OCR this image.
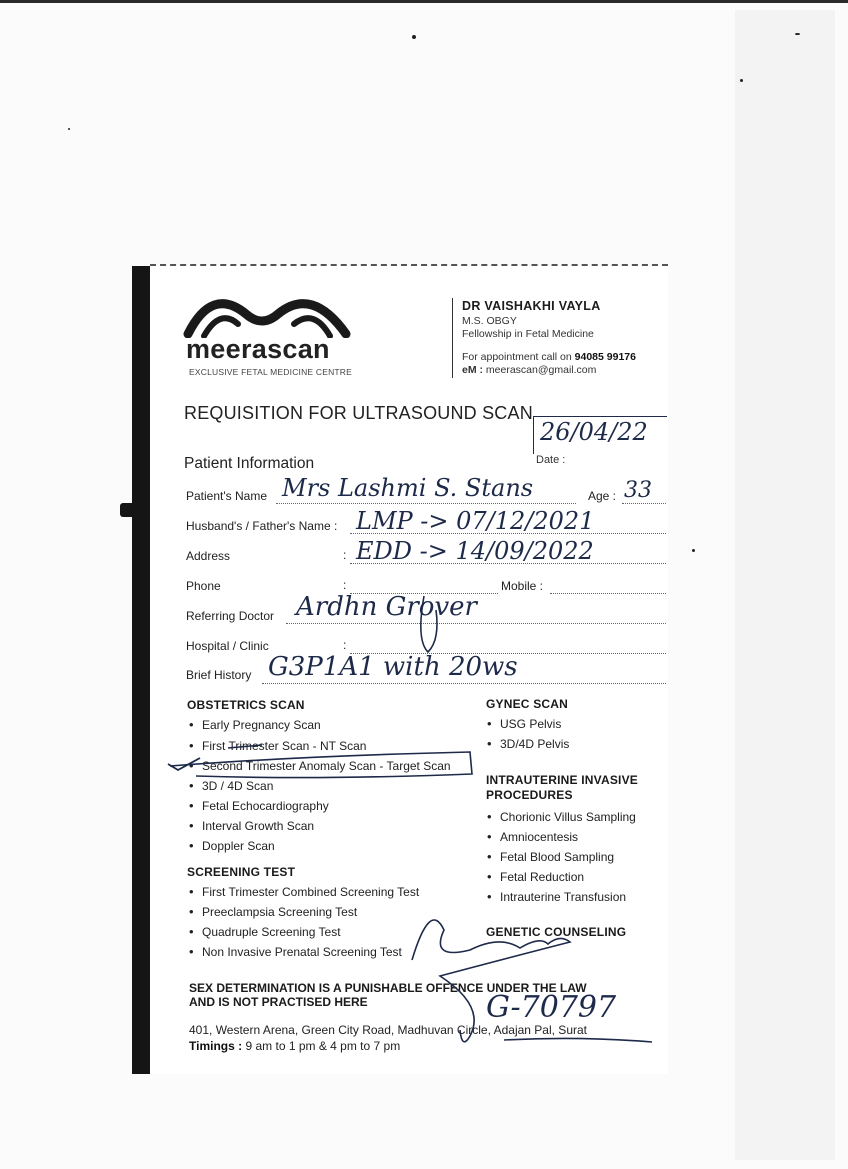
meerascan
EXCLUSIVE FETAL MEDICINE CENTRE
DR VAISHAKHI VAYLA
M.S. OBGY
Fellowship in Fetal Medicine
For appointment call on 94085 99176
eM : meerascan@gmail.com
REQUISITION FOR ULTRASOUND SCAN
26/04/22
Patient Information	Date :
Patient's Name Mrs Lashmi S. Stans	Age : 33
Husband's / Father's Name : LMP -> 07/12/2021
Address	: EDD -> 14/09/2022
Phone	:	Mobile :
Referring Doctor Ardhn Grover
Hospital / Clinic	:
Brief History G3P1A1 with 20ws
OBSTETRICS SCAN
• Early Pregnancy Scan
• First Trimester Scan - NT Scan
• Second Trimester Anomaly Scan - Target Scan
• 3D / 4D Scan
• Fetal Echocardiography
• Interval Growth Scan
• Doppler Scan
SCREENING TEST
• First Trimester Combined Screening Test
• Preeclampsia Screening Test
• Quadruple Screening Test
• Non Invasive Prenatal Screening Test
GYNEC SCAN
• USG Pelvis
• 3D/4D Pelvis
INTRAUTERINE INVASIVE
PROCEDURES
• Chorionic Villus Sampling
• Amniocentesis
• Fetal Blood Sampling
• Fetal Reduction
• Intrauterine Transfusion
GENETIC COUNSELING
SEX DETERMINATION IS A PUNISHABLE OFFENCE UNDER THE LAW
AND IS NOT PRACTISED HERE
401, Western Arena, Green City Road, Madhuvan Circle, Adajan Pal, Surat
Timings : 9 am to 1 pm & 4 pm to 7 pm
G-70797
